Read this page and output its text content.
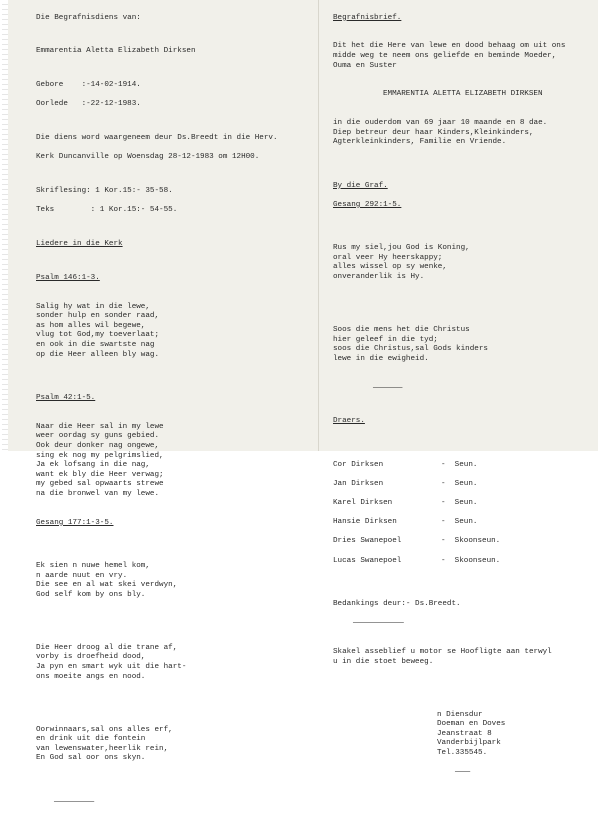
Die Begrafnisdiens van:

Emmarentia Aletta Elizabeth Dirksen

Gebore    :-14-02-1914.

Oorlede   :-22-12-1983.

Die diens word waargeneem deur Ds.Breedt in die Herv.

Kerk Duncanville op Woensdag 28-12-1983 om 12H00.

Skriflesing: 1 Kor.15:- 35-58.

Teks        : 1 Kor.15:- 54-55.

Liedere in die Kerk

Psalm 146:1-3.

Salig hy wat in die lewe,
sonder hulp en sonder raad,
as hom alles wil begewe,
vlug tot God,my toeverlaat;
en ook in die swartste nag
op die Heer alleen bly wag.

Psalm 42:1-5.

Naar die Heer sal in my lewe
weer oordag sy guns gebied.
Ook deur donker nag ongewe,
sing ek nog my pelgrimslied,
Ja ek lofsang in die nag,
want ek bly die Heer verwag;
my gebed sal opwaarts strewe
na die bronwel van my lewe.

Gesang 177:1-3-5.

Ek sien n nuwe hemel kom,
n aarde nuut en vry.
Die see en al wat skei verdwyn,
God self kom by ons bly.

Die Heer droog al die trane af,
vorby is droefheid dood,
Ja pyn en smart wyk uit die hart-
ons moeite angs en nood.

Oorwinnaars,sal ons alles erf,
en drink uit die fontein
van lewenswater,heerlik rein,
En God sal oor ons skyn.

———————————

Begrafnisbrief.

Dit het die Here van lewe en dood behaag om uit ons
midde weg te neem ons geliefde en beminde Moeder,
Ouma en Suster

EMMARENTIA ALETTA ELIZABETH DIRKSEN

in die ouderdom van 69 jaar 10 maande en 8 dae.
Diep betreur deur haar Kinders,Kleinkinders,
Agterkleinkinders, Familie en Vriende.

By die Graf.

Gesang 292:1-5.

Rus my siel,jou God is Koning,
oral veer Hy heerskappy;
alles wissel op sy wenke,
onveranderlik is Hy.

Soos die mens het die Christus
hier geleef in die tyd;
soos die Christus,sal Gods kinders
lewe in die ewigheid.

————————

Draers.

Cor Dirksen	-  Seun.

Jan Dirksen	-  Seun.

Karel Dirksen	-  Seun.

Hansie Dirksen	-  Seun.

Dries Swanepoel	-  Skoonseun.

Lucas Swanepoel	-  Skoonseun.

Bedankings deur:- Ds.Breedt.

——————————————

Skakel asseblief u motor se Hoofligte aan terwyl
u in die stoet beweeg.

n Diensdur
Doeman en Doves
Jeanstraat 8
Vanderbijlpark
Tel.335545.

————
